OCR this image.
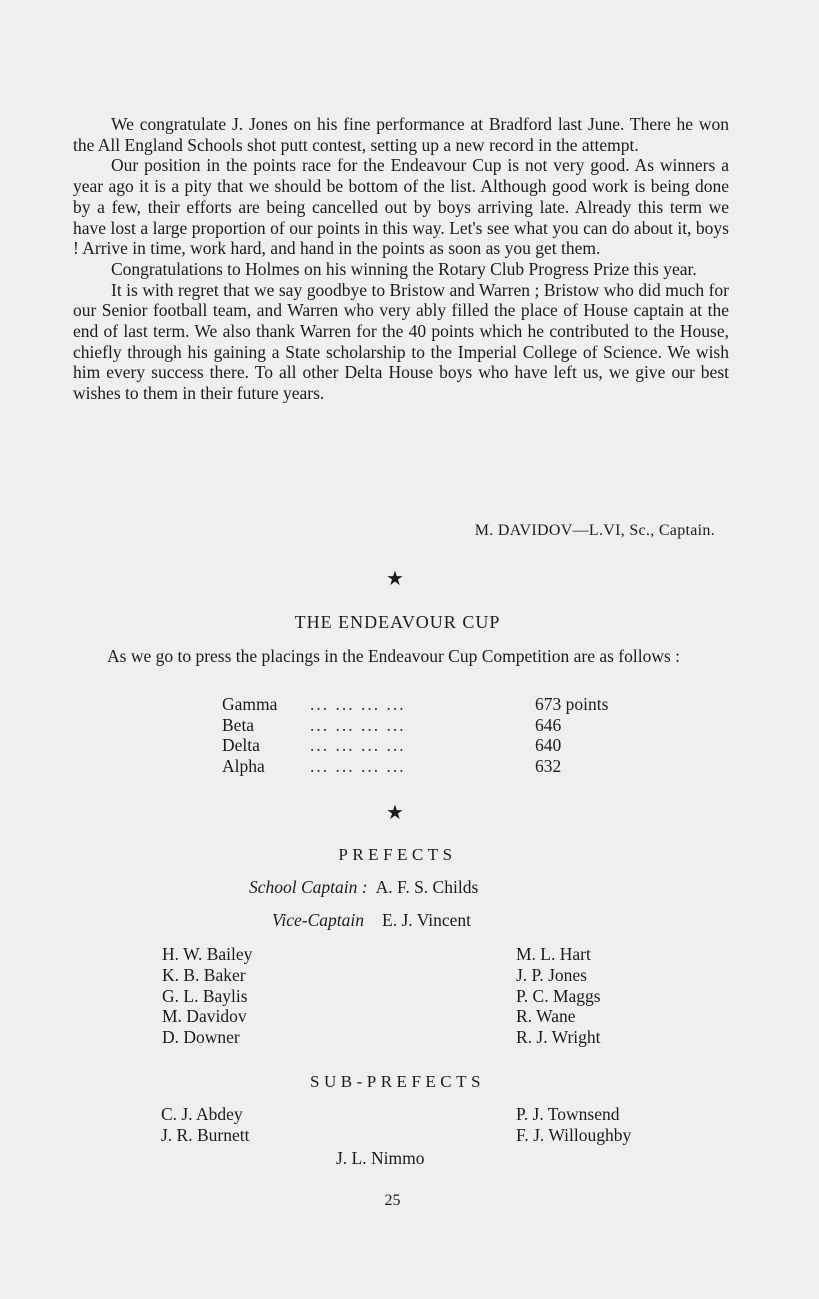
We congratulate J. Jones on his fine performance at Bradford last June. There he won the All England Schools shot putt contest, setting up a new record in the attempt.

Our position in the points race for the Endeavour Cup is not very good. As winners a year ago it is a pity that we should be bottom of the list. Although good work is being done by a few, their efforts are being cancelled out by boys arriving late. Already this term we have lost a large proportion of our points in this way. Let's see what you can do about it, boys ! Arrive in time, work hard, and hand in the points as soon as you get them.

Congratulations to Holmes on his winning the Rotary Club Progress Prize this year.

It is with regret that we say goodbye to Bristow and Warren ; Bristow who did much for our Senior football team, and Warren who very ably filled the place of House captain at the end of last term. We also thank Warren for the 40 points which he contributed to the House, chiefly through his gaining a State scholarship to the Imperial College of Science. We wish him every success there. To all other Delta House boys who have left us, we give our best wishes to them in their future years.

M. DAVIDOV—L.VI, Sc., Captain.
★
THE ENDEAVOUR CUP

As we go to press the placings in the Endeavour Cup Competition are as follows :

Gamma	... ... ... ...	673 points
Beta	... ... ... ...	646
Delta	... ... ... ...	640
Alpha	... ... ... ...	632
★
PREFECTS
School Captain : A. F. S. Childs
Vice-Captain E. J. Vincent
H. W. Bailey
K. B. Baker
G. L. Baylis
M. Davidov
D. Downer
M. L. Hart
J. P. Jones
P. C. Maggs
R. Wane
R. J. Wright
SUB-PREFECTS
C. J. Abdey
J. R. Burnett
P. J. Townsend
F. J. Willoughby
J. L. Nimmo
25
